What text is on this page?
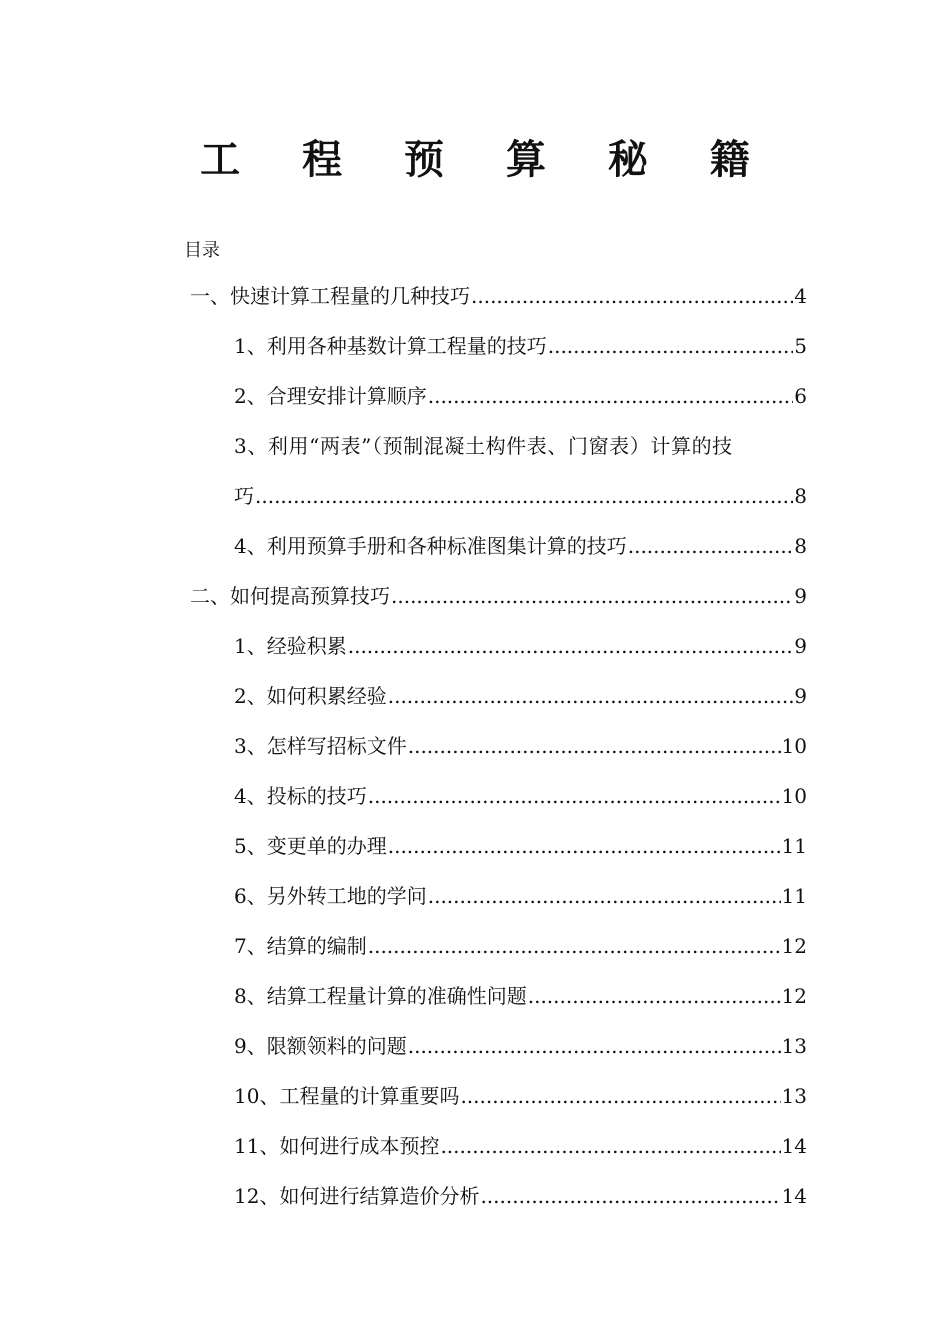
工 程 预 算 秘 籍
目录
一、快速计算工程量的几种技巧 .....	4
1、利用各种基数计算工程量的技巧 .....	5
2、合理安排计算顺序 .....	6
3、利用“两表”（预制混凝土构件表、门窗表）计算的技
巧 .....	8
4、利用预算手册和各种标准图集计算的技巧 .....	8
二、如何提高预算技巧 .....	9
1、经验积累 .....	9
2、如何积累经验 .....	9
3、怎样写招标文件 .....	10
4、投标的技巧 .....	10
5、变更单的办理 .....	11
6、另外转工地的学问 .....	11
7、结算的编制 .....	12
8、结算工程量计算的准确性问题 .....	12
9、限额领料的问题 .....	13
10、工程量的计算重要吗 .....	13
11、如何进行成本预控 .....	14
12、如何进行结算造价分析 .....	14
